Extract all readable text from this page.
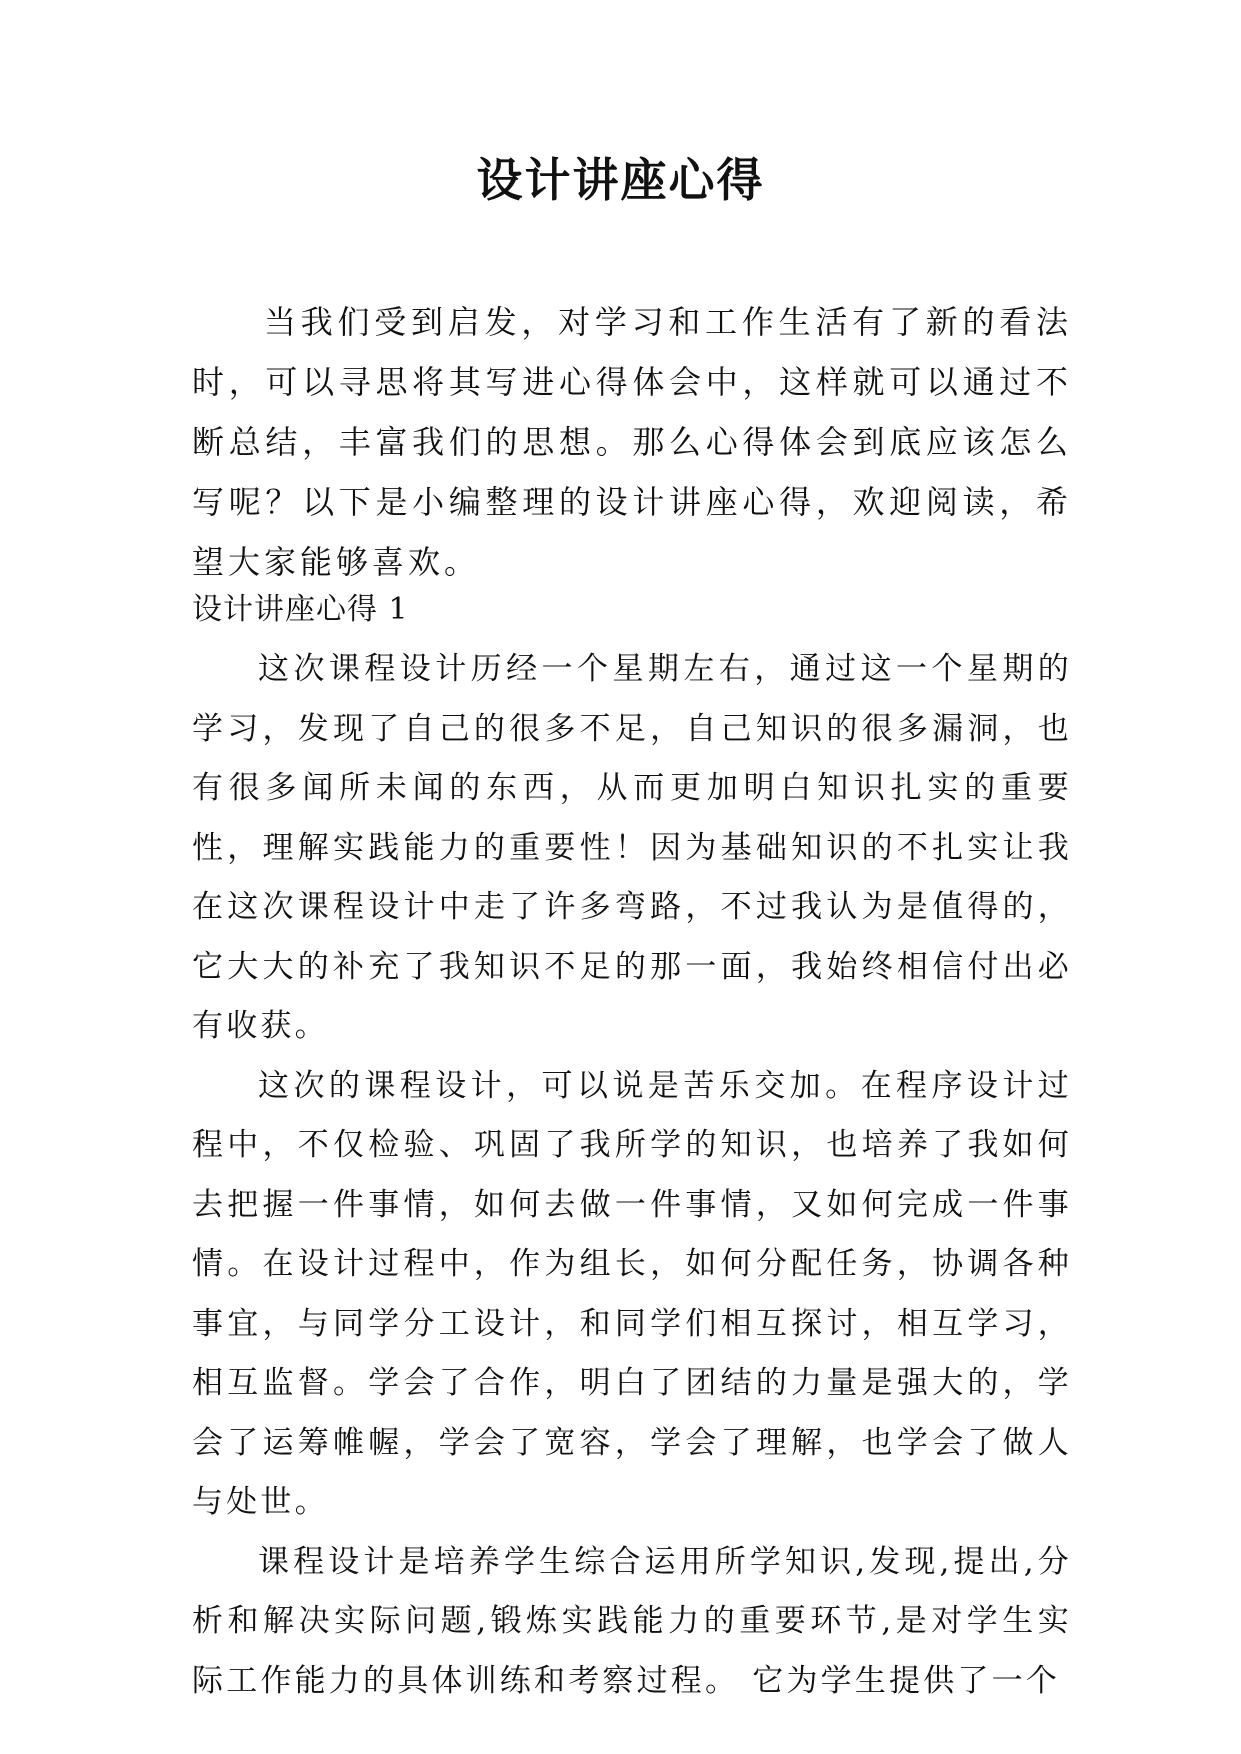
设计讲座心得

当我们受到启发，对学习和工作生活有了新的看法时，可以寻思将其写进心得体会中，这样就可以通过不断总结，丰富我们的思想。那么心得体会到底应该怎么写呢？以下是小编整理的设计讲座心得，欢迎阅读，希望大家能够喜欢。

设计讲座心得 1

这次课程设计历经一个星期左右，通过这一个星期的学习，发现了自己的很多不足，自己知识的很多漏洞，也有很多闻所未闻的东西，从而更加明白知识扎实的重要性，理解实践能力的重要性！因为基础知识的不扎实让我在这次课程设计中走了许多弯路，不过我认为是值得的，它大大的补充了我知识不足的那一面，我始终相信付出必有收获。

这次的课程设计，可以说是苦乐交加。在程序设计过程中，不仅检验、巩固了我所学的知识，也培养了我如何去把握一件事情，如何去做一件事情，又如何完成一件事情。在设计过程中，作为组长，如何分配任务，协调各种事宜，与同学分工设计，和同学们相互探讨，相互学习，相互监督。学会了合作，明白了团结的力量是强大的，学会了运筹帷幄，学会了宽容，学会了理解，也学会了做人与处世。

课程设计是培养学生综合运用所学知识,发现,提出,分析和解决实际问题,锻炼实践能力的重要环节,是对学生实际工作能力的具体训练和考察过程。 它为学生提供了一个
